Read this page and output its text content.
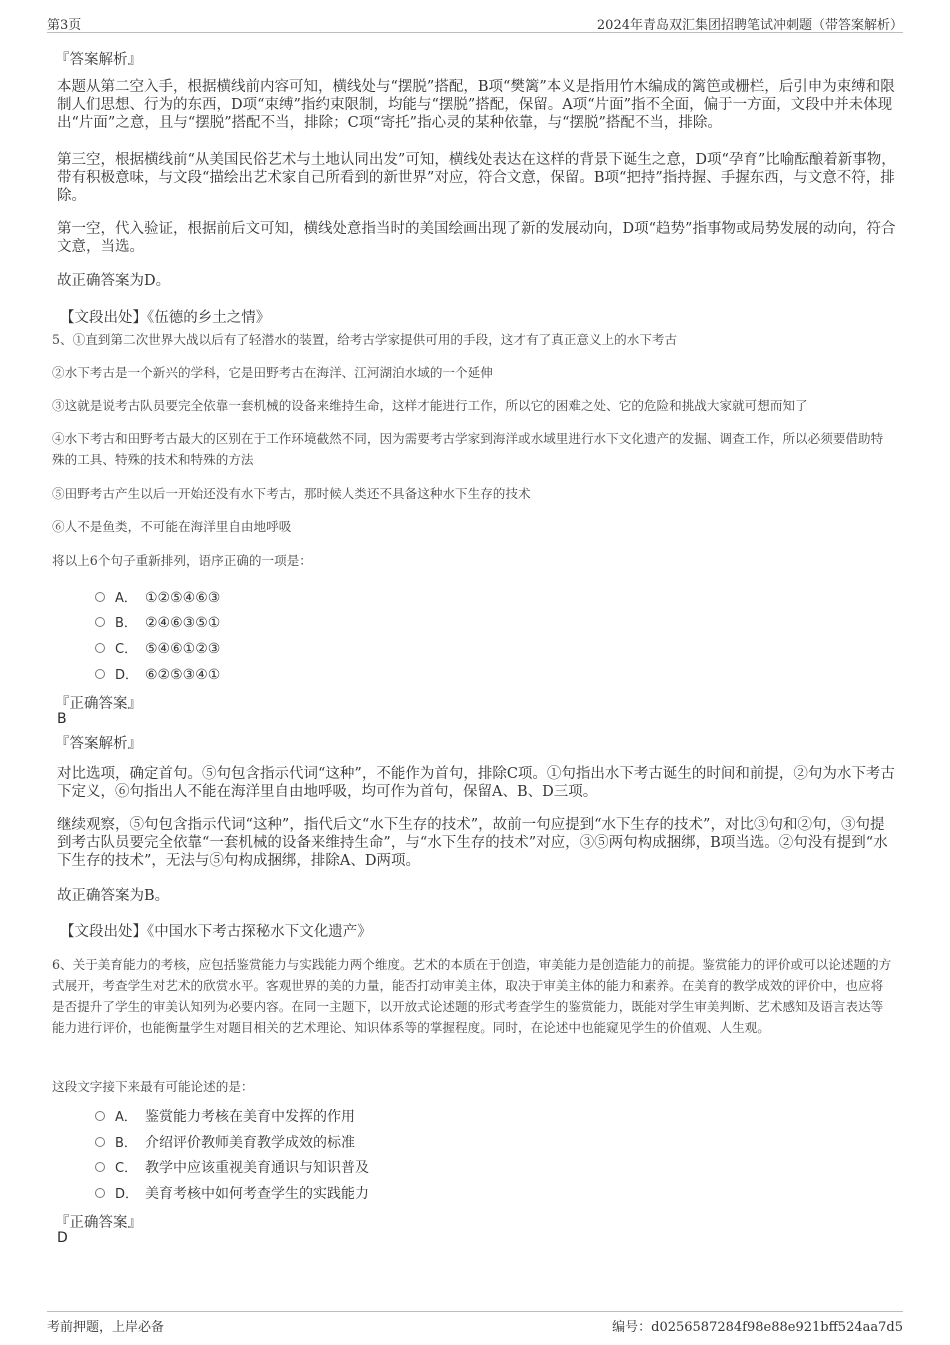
第3页	2024年青岛双汇集团招聘笔试冲刺题（带答案解析）
『答案解析』
本题从第二空入手，根据横线前内容可知，横线处与“摆脱”搭配，B项“樊篱”本义是指用竹木编成的篱笆或栅栏，后引申为束缚和限制人们思想、行为的东西，D项“束缚”指约束限制，均能与“摆脱”搭配，保留。A项“片面”指不全面，偏于一方面，文段中并未体现出“片面”之意，且与“摆脱”搭配不当，排除；C项“寄托”指心灵的某种依靠，与“摆脱”搭配不当，排除。
第三空，根据横线前“从美国民俗艺术与土地认同出发”可知，横线处表达在这样的背景下诞生之意，D项“孕育”比喻酝酿着新事物，带有积极意味，与文段“描绘出艺术家自己所看到的新世界”对应，符合文意，保留。B项“把持”指持握、手握东西，与文意不符，排除。
第一空，代入验证，根据前后文可知，横线处意指当时的美国绘画出现了新的发展动向，D项“趋势”指事物或局势发展的动向，符合文意，当选。
故正确答案为D。
【文段出处】《伍德的乡土之情》
5、①直到第二次世界大战以后有了轻潜水的装置，给考古学家提供可用的手段，这才有了真正意义上的水下考古
②水下考古是一个新兴的学科，它是田野考古在海洋、江河湖泊水域的一个延伸
③这就是说考古队员要完全依靠一套机械的设备来维持生命，这样才能进行工作，所以它的困难之处、它的危险和挑战大家就可想而知了
④水下考古和田野考古最大的区别在于工作环境截然不同，因为需要考古学家到海洋或水域里进行水下文化遗产的发掘、调查工作，所以必须要借助特殊的工具、特殊的技术和特殊的方法
⑤田野考古产生以后一开始还没有水下考古，那时候人类还不具备这种水下生存的技术
⑥人不是鱼类，不可能在海洋里自由地呼吸
将以上6个句子重新排列，语序正确的一项是：
A． ①②⑤④⑥③
B． ②④⑥③⑤①
C． ⑤④⑥①②③
D． ⑥②⑤③④①
『正确答案』
B
『答案解析』
对比选项，确定首句。⑤句包含指示代词“这种”，不能作为首句，排除C项。①句指出水下考古诞生的时间和前提，②句为水下考古下定义，⑥句指出人不能在海洋里自由地呼吸，均可作为首句，保留A、B、D三项。
继续观察，⑤句包含指示代词“这种”，指代后文“水下生存的技术”，故前一句应提到“水下生存的技术”，对比③句和②句，③句提到考古队员要完全依靠“一套机械的设备来维持生命”，与“水下生存的技术”对应，③⑤两句构成捆绑，B项当选。②句没有提到“水下生存的技术”，无法与⑤句构成捆绑，排除A、D两项。
故正确答案为B。
【文段出处】《中国水下考古探秘水下文化遗产》
6、关于美育能力的考核，应包括鉴赏能力与实践能力两个维度。艺术的本质在于创造，审美能力是创造能力的前提。鉴赏能力的评价或可以论述题的方式展开，考查学生对艺术的欣赏水平。客观世界的美的力量，能否打动审美主体，取决于审美主体的能力和素养。在美育的教学成效的评价中，也应将是否提升了学生的审美认知列为必要内容。在同一主题下，以开放式论述题的形式考查学生的鉴赏能力，既能对学生审美判断、艺术感知及语言表达等能力进行评价，也能衡量学生对题目相关的艺术理论、知识体系等的掌握程度。同时，在论述中也能窥见学生的价值观、人生观。
这段文字接下来最有可能论述的是：
A． 鉴赏能力考核在美育中发挥的作用
B． 介绍评价教师美育教学成效的标准
C． 教学中应该重视美育通识与知识普及
D． 美育考核中如何考查学生的实践能力
『正确答案』
D
考前押题，上岸必备	编号：d0256587284f98e88e921bff524aa7d5
